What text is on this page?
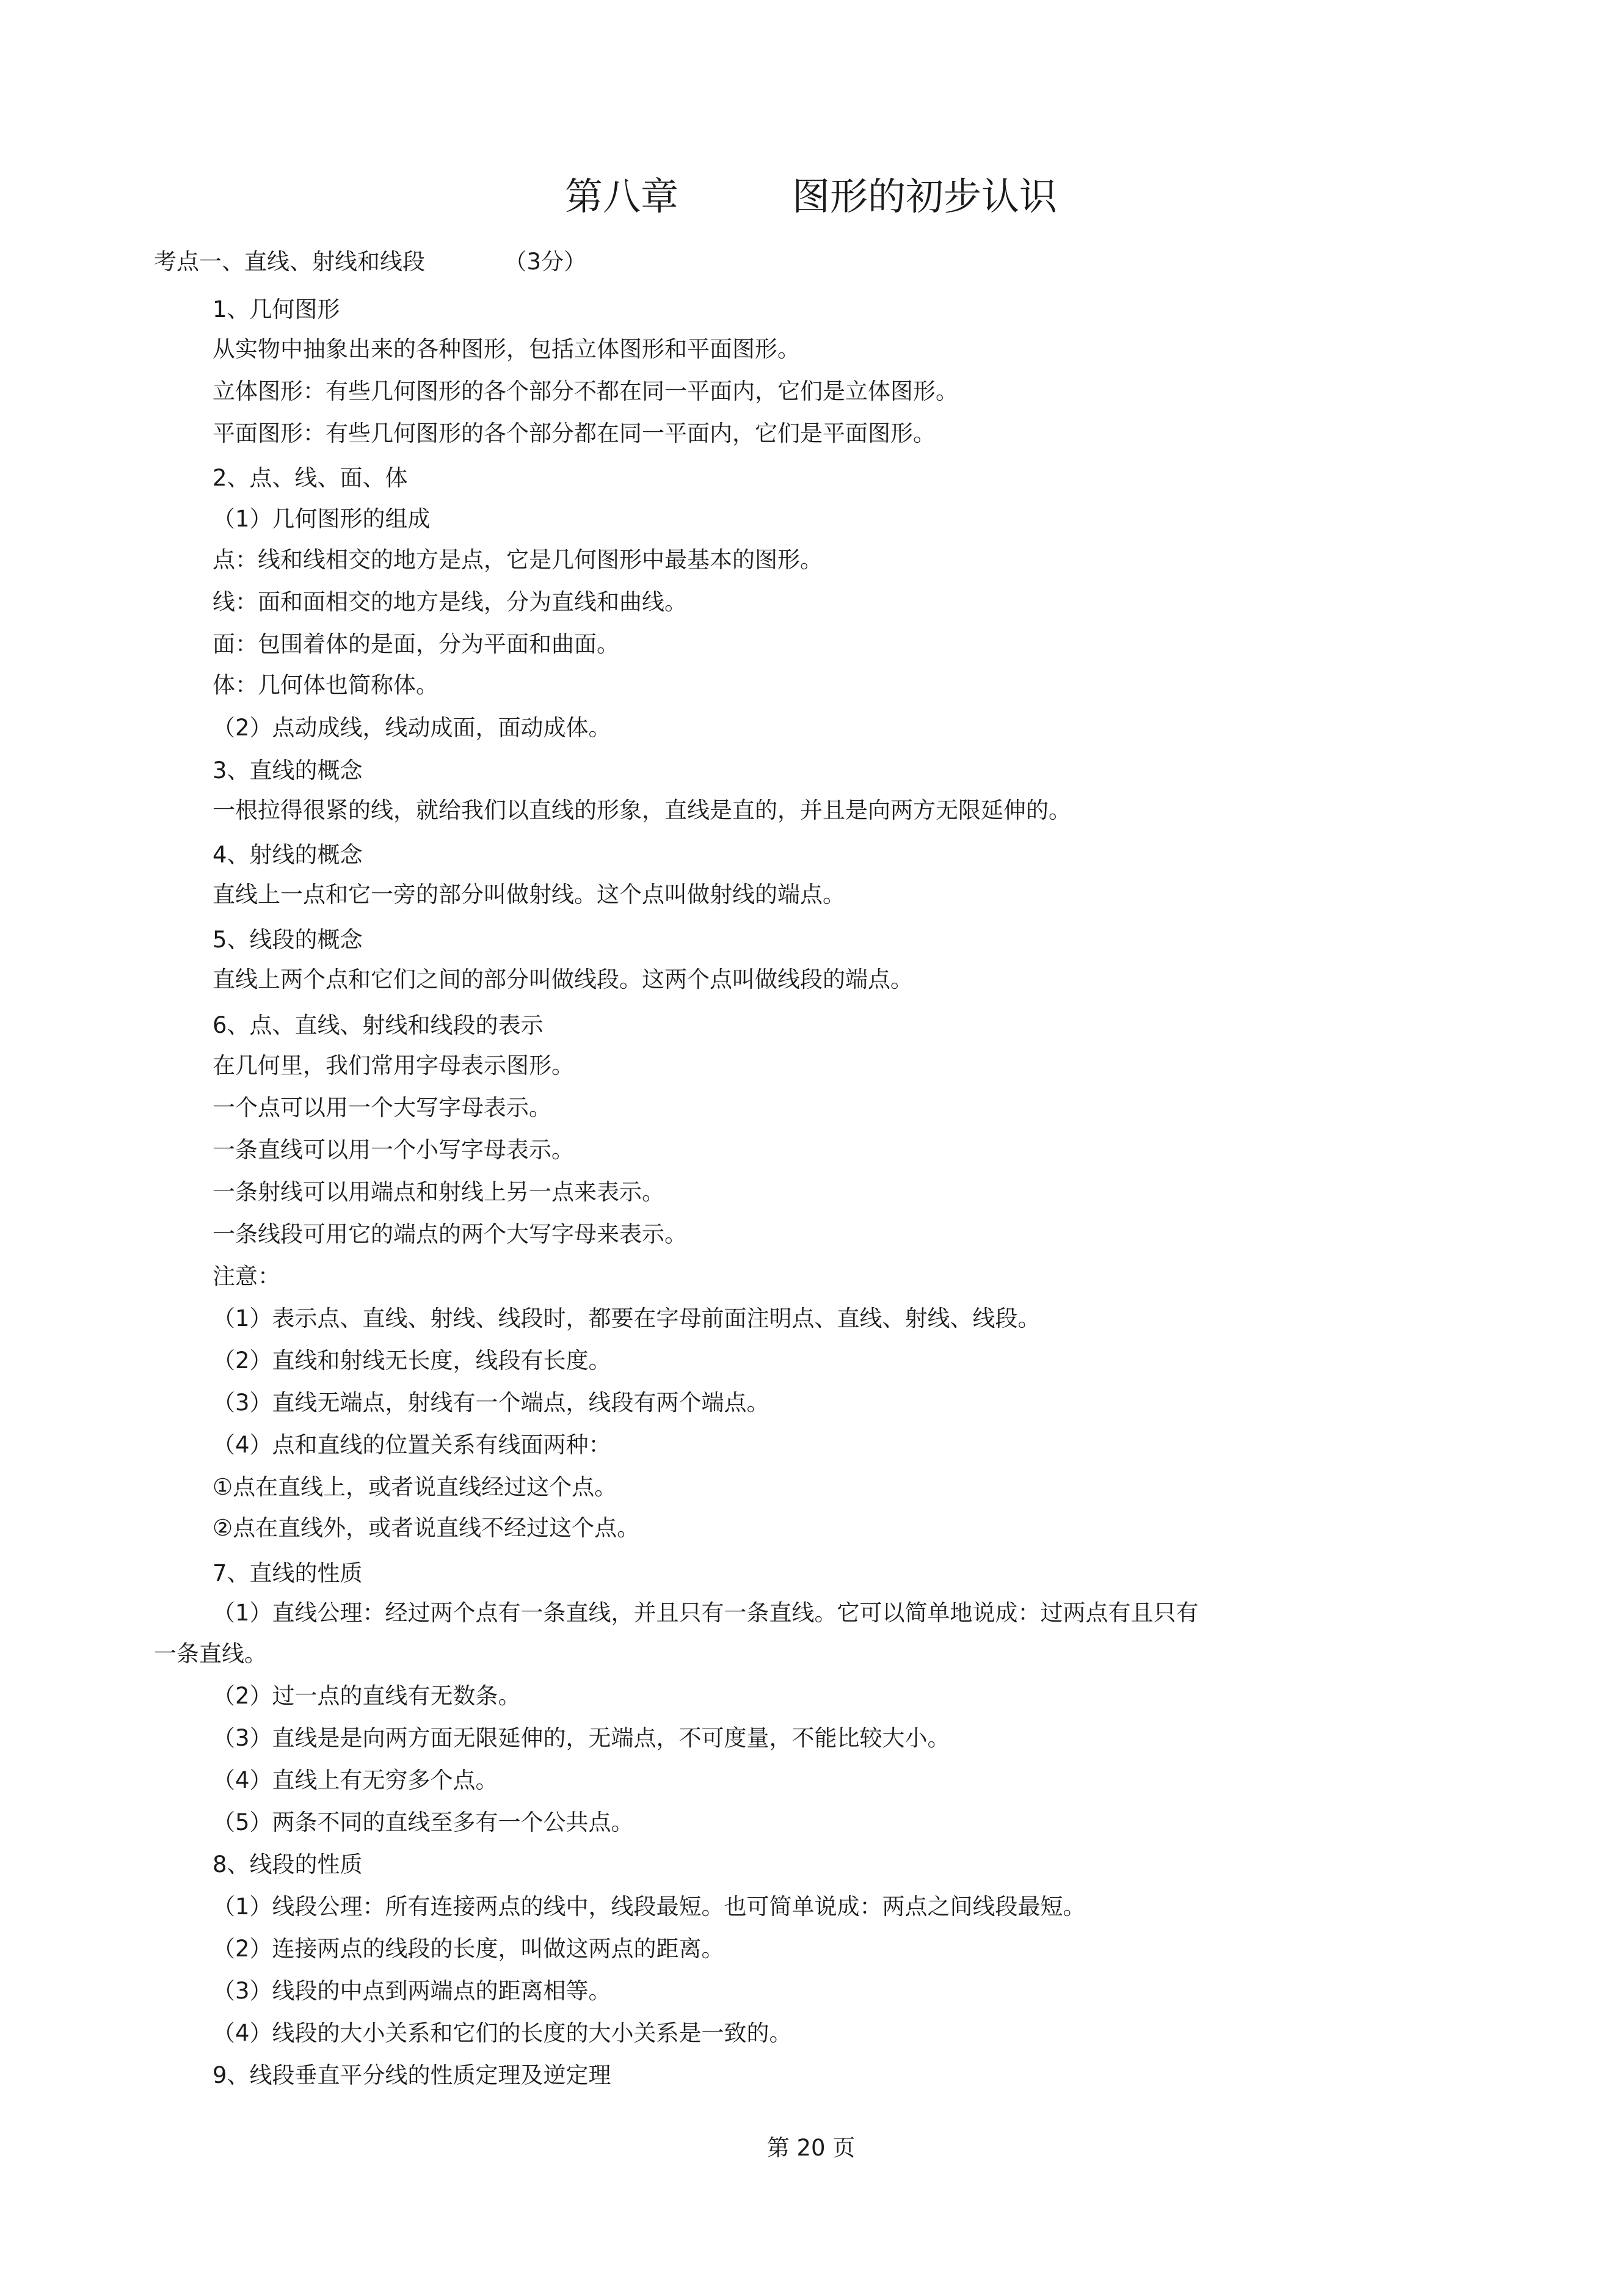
第八章　　　图形的初步认识
考点一、直线、射线和线段　　　　（3分）
1、几何图形
从实物中抽象出来的各种图形，包括立体图形和平面图形。
立体图形：有些几何图形的各个部分不都在同一平面内，它们是立体图形。
平面图形：有些几何图形的各个部分都在同一平面内，它们是平面图形。
2、点、线、面、体
（1）几何图形的组成
点：线和线相交的地方是点，它是几何图形中最基本的图形。
线：面和面相交的地方是线，分为直线和曲线。
面：包围着体的是面，分为平面和曲面。
体：几何体也简称体。
（2）点动成线，线动成面，面动成体。
3、直线的概念
一根拉得很紧的线，就给我们以直线的形象，直线是直的，并且是向两方无限延伸的。
4、射线的概念
直线上一点和它一旁的部分叫做射线。这个点叫做射线的端点。
5、线段的概念
直线上两个点和它们之间的部分叫做线段。这两个点叫做线段的端点。
6、点、直线、射线和线段的表示
在几何里，我们常用字母表示图形。
一个点可以用一个大写字母表示。
一条直线可以用一个小写字母表示。
一条射线可以用端点和射线上另一点来表示。
一条线段可用它的端点的两个大写字母来表示。
注意：
（1）表示点、直线、射线、线段时，都要在字母前面注明点、直线、射线、线段。
（2）直线和射线无长度，线段有长度。
（3）直线无端点，射线有一个端点，线段有两个端点。
（4）点和直线的位置关系有线面两种：
①点在直线上，或者说直线经过这个点。
②点在直线外，或者说直线不经过这个点。
7、直线的性质
（1）直线公理：经过两个点有一条直线，并且只有一条直线。它可以简单地说成：过两点有且只有
一条直线。
（2）过一点的直线有无数条。
（3）直线是是向两方面无限延伸的，无端点，不可度量，不能比较大小。
（4）直线上有无穷多个点。
（5）两条不同的直线至多有一个公共点。
8、线段的性质
（1）线段公理：所有连接两点的线中，线段最短。也可简单说成：两点之间线段最短。
（2）连接两点的线段的长度，叫做这两点的距离。
（3）线段的中点到两端点的距离相等。
（4）线段的大小关系和它们的长度的大小关系是一致的。
9、线段垂直平分线的性质定理及逆定理
第 20 页
